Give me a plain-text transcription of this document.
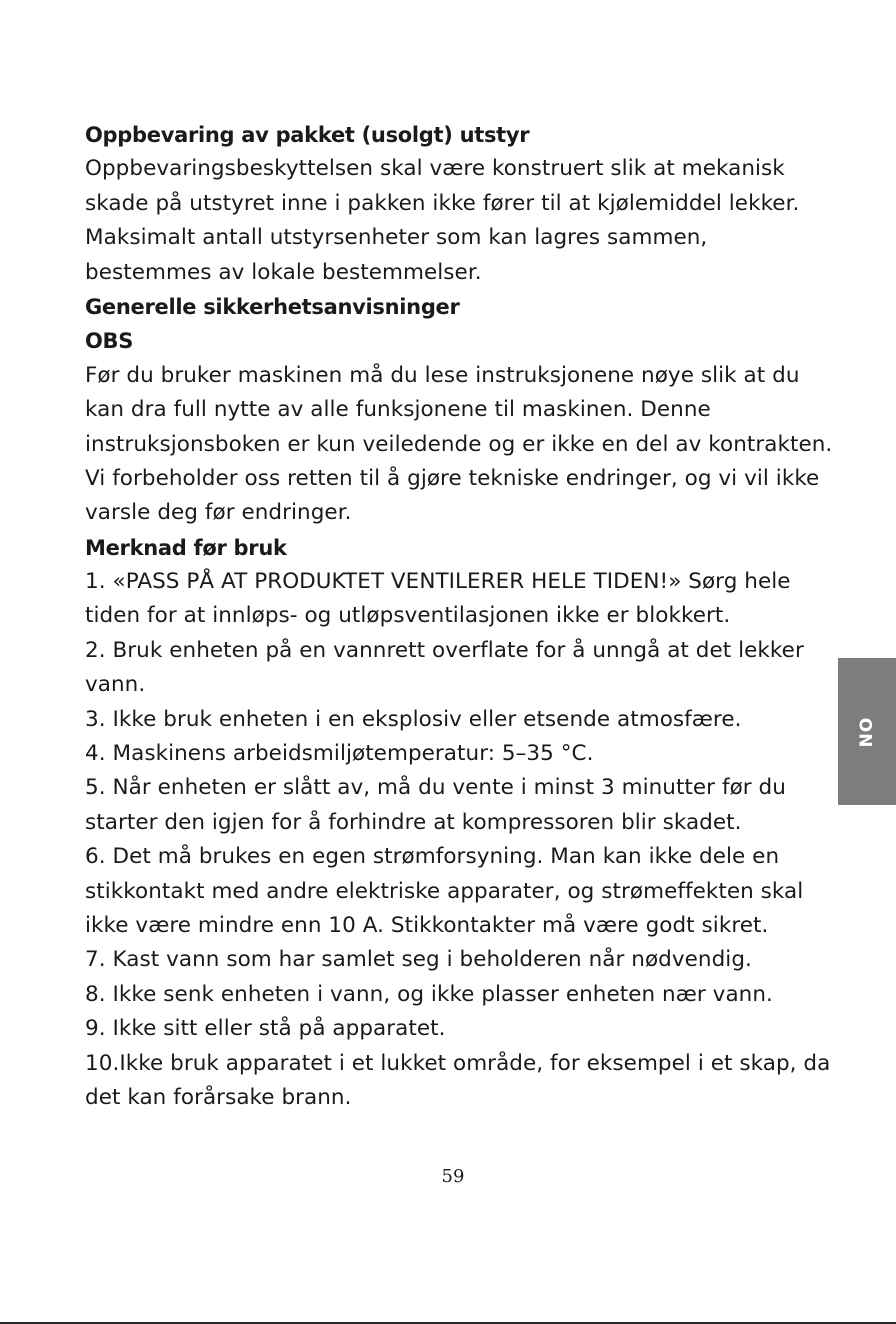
Oppbevaring av pakket (usolgt) utstyr
Oppbevaringsbeskyttelsen skal være konstruert slik at mekanisk
skade på utstyret inne i pakken ikke fører til at kjølemiddel lekker.
Maksimalt antall utstyrsenheter som kan lagres sammen,
bestemmes av lokale bestemmelser.
Generelle sikkerhetsanvisninger
OBS
Før du bruker maskinen må du lese instruksjonene nøye slik at du
kan dra full nytte av alle funksjonene til maskinen. Denne
instruksjonsboken er kun veiledende og er ikke en del av kontrakten.
Vi forbeholder oss retten til å gjøre tekniske endringer, og vi vil ikke
varsle deg før endringer.
Merknad før bruk
1. «PASS PÅ AT PRODUKTET VENTILERER HELE TIDEN!» Sørg hele
tiden for at innløps- og utløpsventilasjonen ikke er blokkert.
2. Bruk enheten på en vannrett overflate for å unngå at det lekker
vann.
3. Ikke bruk enheten i en eksplosiv eller etsende atmosfære.
4. Maskinens arbeidsmiljøtemperatur: 5–35 °C.
5. Når enheten er slått av, må du vente i minst 3 minutter før du
starter den igjen for å forhindre at kompressoren blir skadet.
6. Det må brukes en egen strømforsyning. Man kan ikke dele en
stikkontakt med andre elektriske apparater, og strømeffekten skal
ikke være mindre enn 10 A. Stikkontakter må være godt sikret.
7. Kast vann som har samlet seg i beholderen når nødvendig.
8. Ikke senk enheten i vann, og ikke plasser enheten nær vann.
9. Ikke sitt eller stå på apparatet.
10.Ikke bruk apparatet i et lukket område, for eksempel i et skap, da
det kan forårsake brann.
NO
59
